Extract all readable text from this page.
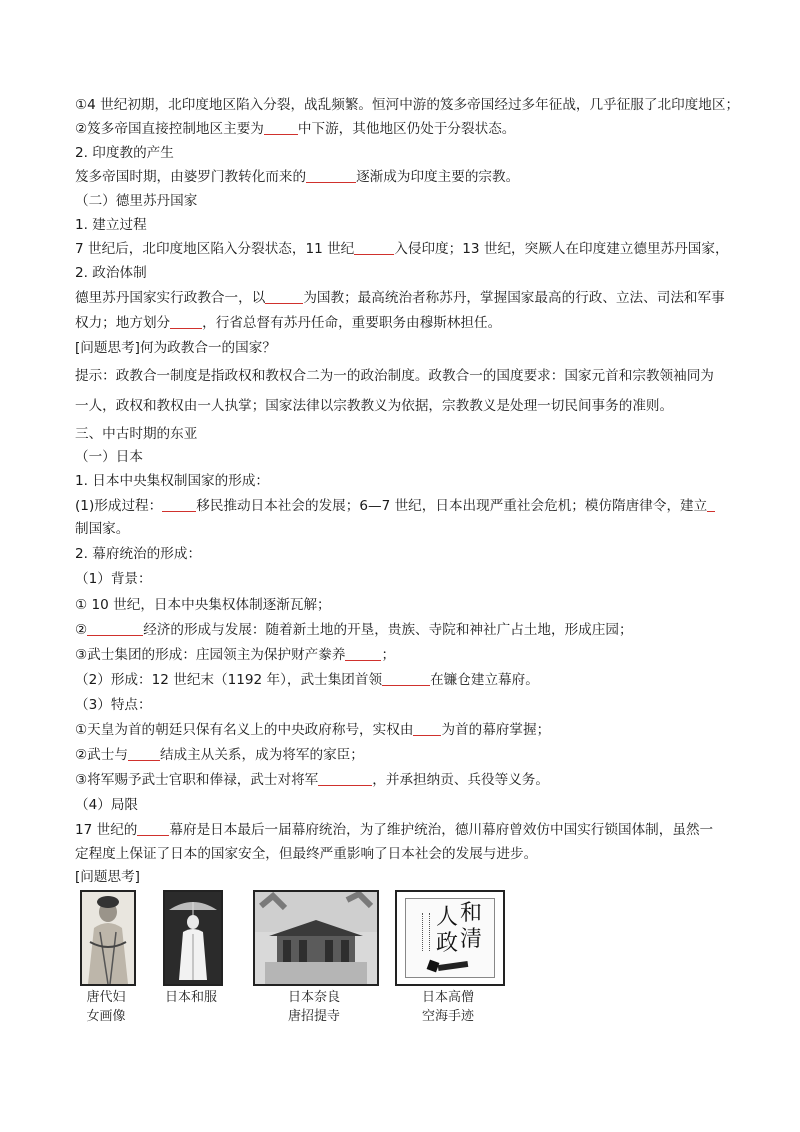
①4 世纪初期，北印度地区陷入分裂，战乱频繁。恒河中游的笈多帝国经过多年征战，几乎征服了北印度地区；
②笈多帝国直接控制地区主要为	中下游，其他地区仍处于分裂状态。
2. 印度教的产生
笈多帝国时期，由婆罗门教转化而来的	逐渐成为印度主要的宗教。
（二）德里苏丹国家
1. 建立过程
7 世纪后，北印度地区陷入分裂状态，11 世纪	入侵印度；13 世纪，突厥人在印度建立德里苏丹国家，
2. 政治体制
德里苏丹国家实行政教合一，以	为国教；最高统治者称苏丹，掌握国家最高的行政、立法、司法和军事
权力；地方划分 ，行省总督有苏丹任命，重要职务由穆斯林担任。
[问题思考]何为政教合一的国家？
提示：政教合一制度是指政权和教权合二为一的政治制度。政教合一的国度要求：国家元首和宗教领袖同为
一人，政权和教权由一人执掌；国家法律以宗教教义为依据，宗教教义是处理一切民间事务的准则。
三、中古时期的东亚
（一）日本
1. 日本中央集权制国家的形成：
(1)形成过程：	移民推动日本社会的发展；6—7 世纪，日本出现严重社会危机；模仿隋唐律令，建立
制国家。
2. 幕府统治的形成：
（1）背景：
① 10 世纪，日本中央集权体制逐渐瓦解；
②	经济的形成与发展：随着新土地的开垦，贵族、寺院和神社广占土地，形成庄园；
③武士集团的形成：庄园领主为保护财产豢养	；
（2）形成：12 世纪末（1192 年），武士集团首领	在镰仓建立幕府。
（3）特点：
①天皇为首的朝廷只保有名义上的中央政府称号，实权由 为首的幕府掌握；
②武士与 结成主从关系，成为将军的家臣；
③将军赐予武士官职和俸禄，武士对将军	，并承担纳贡、兵役等义务。
（4）局限
17 世纪的 幕府是日本最后一届幕府统治，为了维护统治，德川幕府曾效仿中国实行锁国体制，虽然一
定程度上保证了日本的国家安全，但最终严重影响了日本社会的发展与进步。
[问题思考]
唐代妇
女画像
日本和服	日本奈良
唐招提寺
和清
人政
日本高僧
空海手迹
